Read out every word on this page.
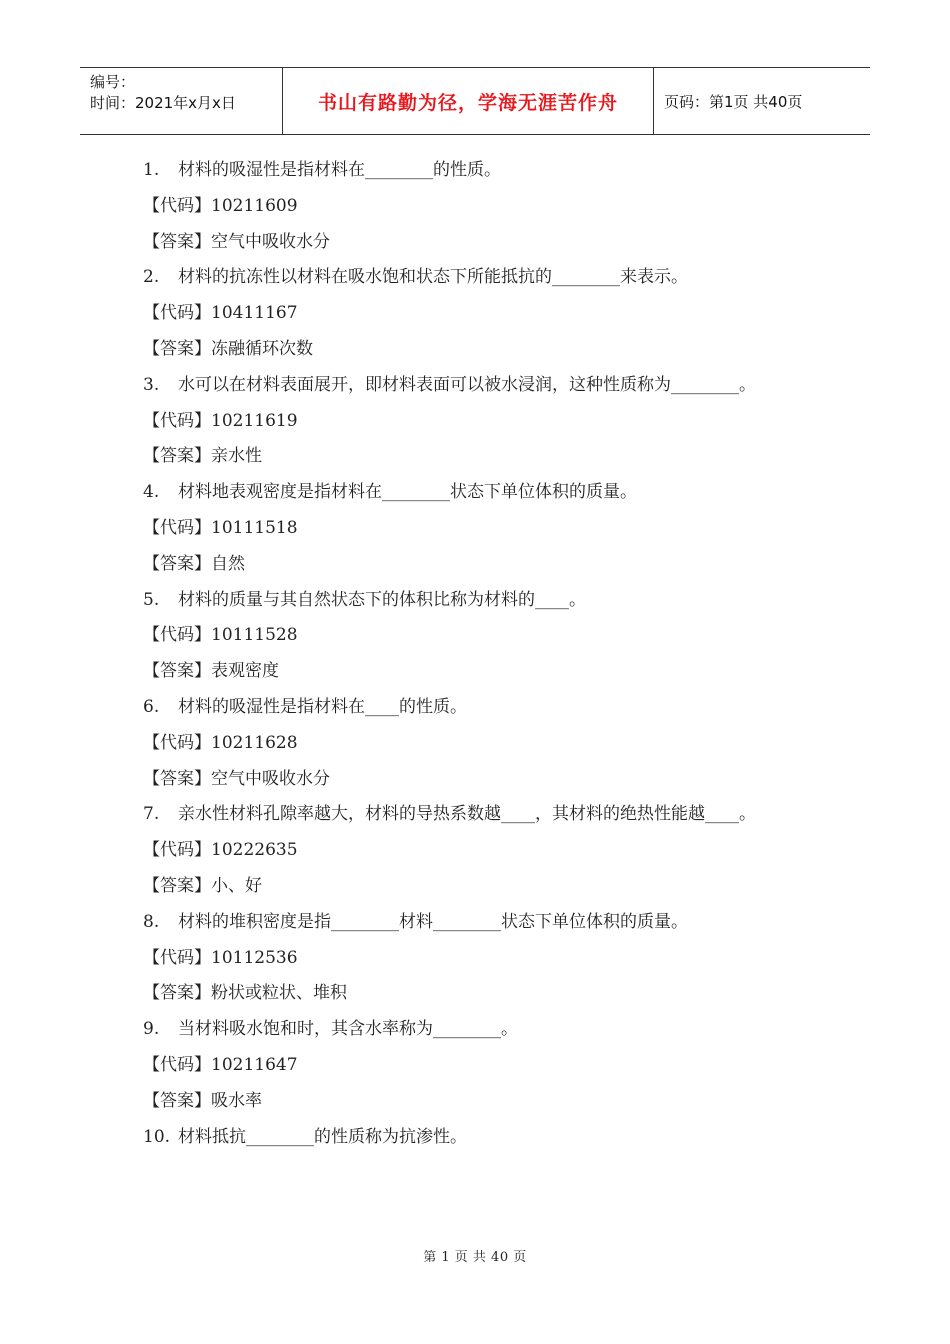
编号：
时间：2021年x月x日	书山有路勤为径，学海无涯苦作舟	页码：第1页 共40页
1.	材料的吸湿性是指材料在________的性质。
【代码】10211609
【答案】空气中吸收水分
2.	材料的抗冻性以材料在吸水饱和状态下所能抵抗的________来表示。
【代码】10411167
【答案】冻融循环次数
3.	水可以在材料表面展开，即材料表面可以被水浸润，这种性质称为________。
【代码】10211619
【答案】亲水性
4.	材料地表观密度是指材料在________状态下单位体积的质量。
【代码】10111518
【答案】自然
5.	材料的质量与其自然状态下的体积比称为材料的____。
【代码】10111528
【答案】表观密度
6.	材料的吸湿性是指材料在____的性质。
【代码】10211628
【答案】空气中吸收水分
7.	亲水性材料孔隙率越大，材料的导热系数越____，其材料的绝热性能越____。
【代码】10222635
【答案】小、好
8.	材料的堆积密度是指________材料________状态下单位体积的质量。
【代码】10112536
【答案】粉状或粒状、堆积
9.	当材料吸水饱和时，其含水率称为________。
【代码】10211647
【答案】吸水率
10. 材料抵抗________的性质称为抗渗性。
第 1 页 共 40 页
